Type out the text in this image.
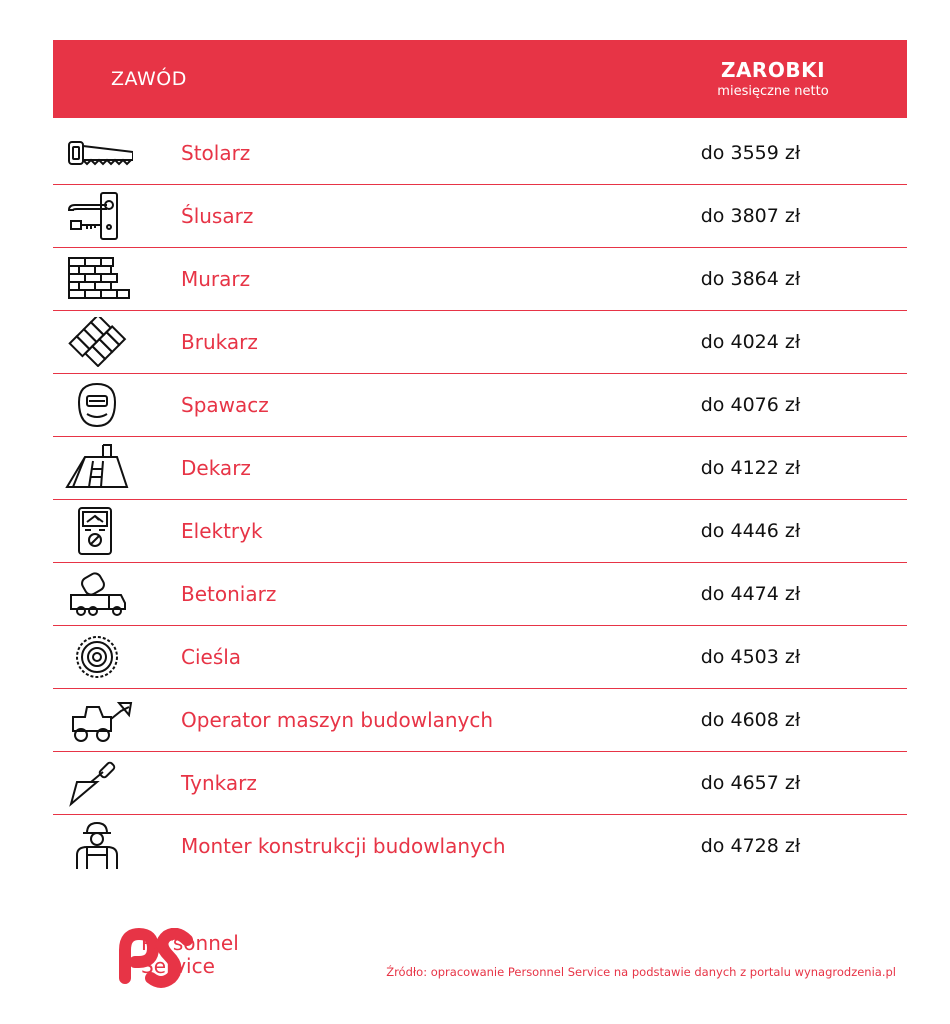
ZAWÓD	ZAROBKI
miesięczne netto
Stolarz	do 3559 zł
Ślusarz	do 3807 zł
Murarz	do 3864 zł
Brukarz	do 4024 zł
Spawacz	do 4076 zł
Dekarz	do 4122 zł
Elektryk	do 4446 zł
Betoniarz	do 4474 zł
Cieśla	do 4503 zł
Operator maszyn budowlanych	do 4608 zł
Tynkarz	do 4657 zł
Monter konstrukcji budowlanych	do 4728 zł
Personnel
Service	Źródło: opracowanie Personnel Service na podstawie danych z portalu wynagrodzenia.pl
